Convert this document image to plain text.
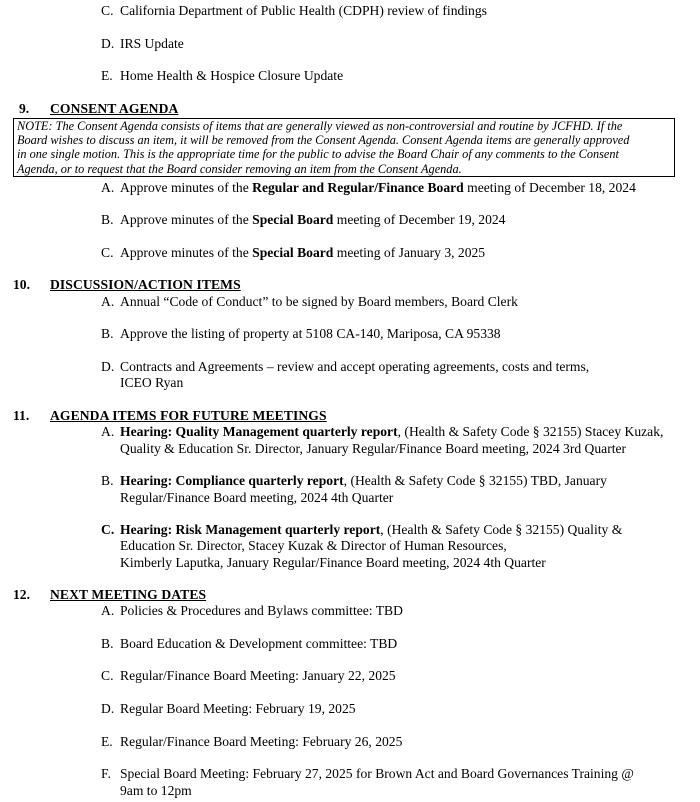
C. California Department of Public Health (CDPH) review of findings
D. IRS Update
E. Home Health & Hospice Closure Update
9. CONSENT AGENDA
NOTE: The Consent Agenda consists of items that are generally viewed as non-controversial and routine by JCFHD. If the
Board wishes to discuss an item, it will be removed from the Consent Agenda. Consent Agenda items are generally approved
in one single motion. This is the appropriate time for the public to advise the Board Chair of any comments to the Consent
Agenda, or to request that the Board consider removing an item from the Consent Agenda.
A. Approve minutes of the Regular and Regular/Finance Board meeting of December 18, 2024
B. Approve minutes of the Special Board meeting of December 19, 2024
C. Approve minutes of the Special Board meeting of January 3, 2025
10. DISCUSSION/ACTION ITEMS
A. Annual “Code of Conduct” to be signed by Board members, Board Clerk
B. Approve the listing of property at 5108 CA-140, Mariposa, CA 95338
D. Contracts and Agreements – review and accept operating agreements, costs and terms,
ICEO Ryan
11. AGENDA ITEMS FOR FUTURE MEETINGS
A. Hearing: Quality Management quarterly report, (Health & Safety Code § 32155) Stacey Kuzak,
Quality & Education Sr. Director, January Regular/Finance Board meeting, 2024 3rd Quarter
B. Hearing: Compliance quarterly report, (Health & Safety Code § 32155) TBD, January
Regular/Finance Board meeting, 2024 4th Quarter
C. Hearing: Risk Management quarterly report, (Health & Safety Code § 32155) Quality &
Education Sr. Director, Stacey Kuzak & Director of Human Resources,
Kimberly Laputka, January Regular/Finance Board meeting, 2024 4th Quarter
12. NEXT MEETING DATES
A. Policies & Procedures and Bylaws committee: TBD
B. Board Education & Development committee: TBD
C. Regular/Finance Board Meeting: January 22, 2025
D. Regular Board Meeting: February 19, 2025
E. Regular/Finance Board Meeting: February 26, 2025
F. Special Board Meeting: February 27, 2025 for Brown Act and Board Governances Training @
9am to 12pm
